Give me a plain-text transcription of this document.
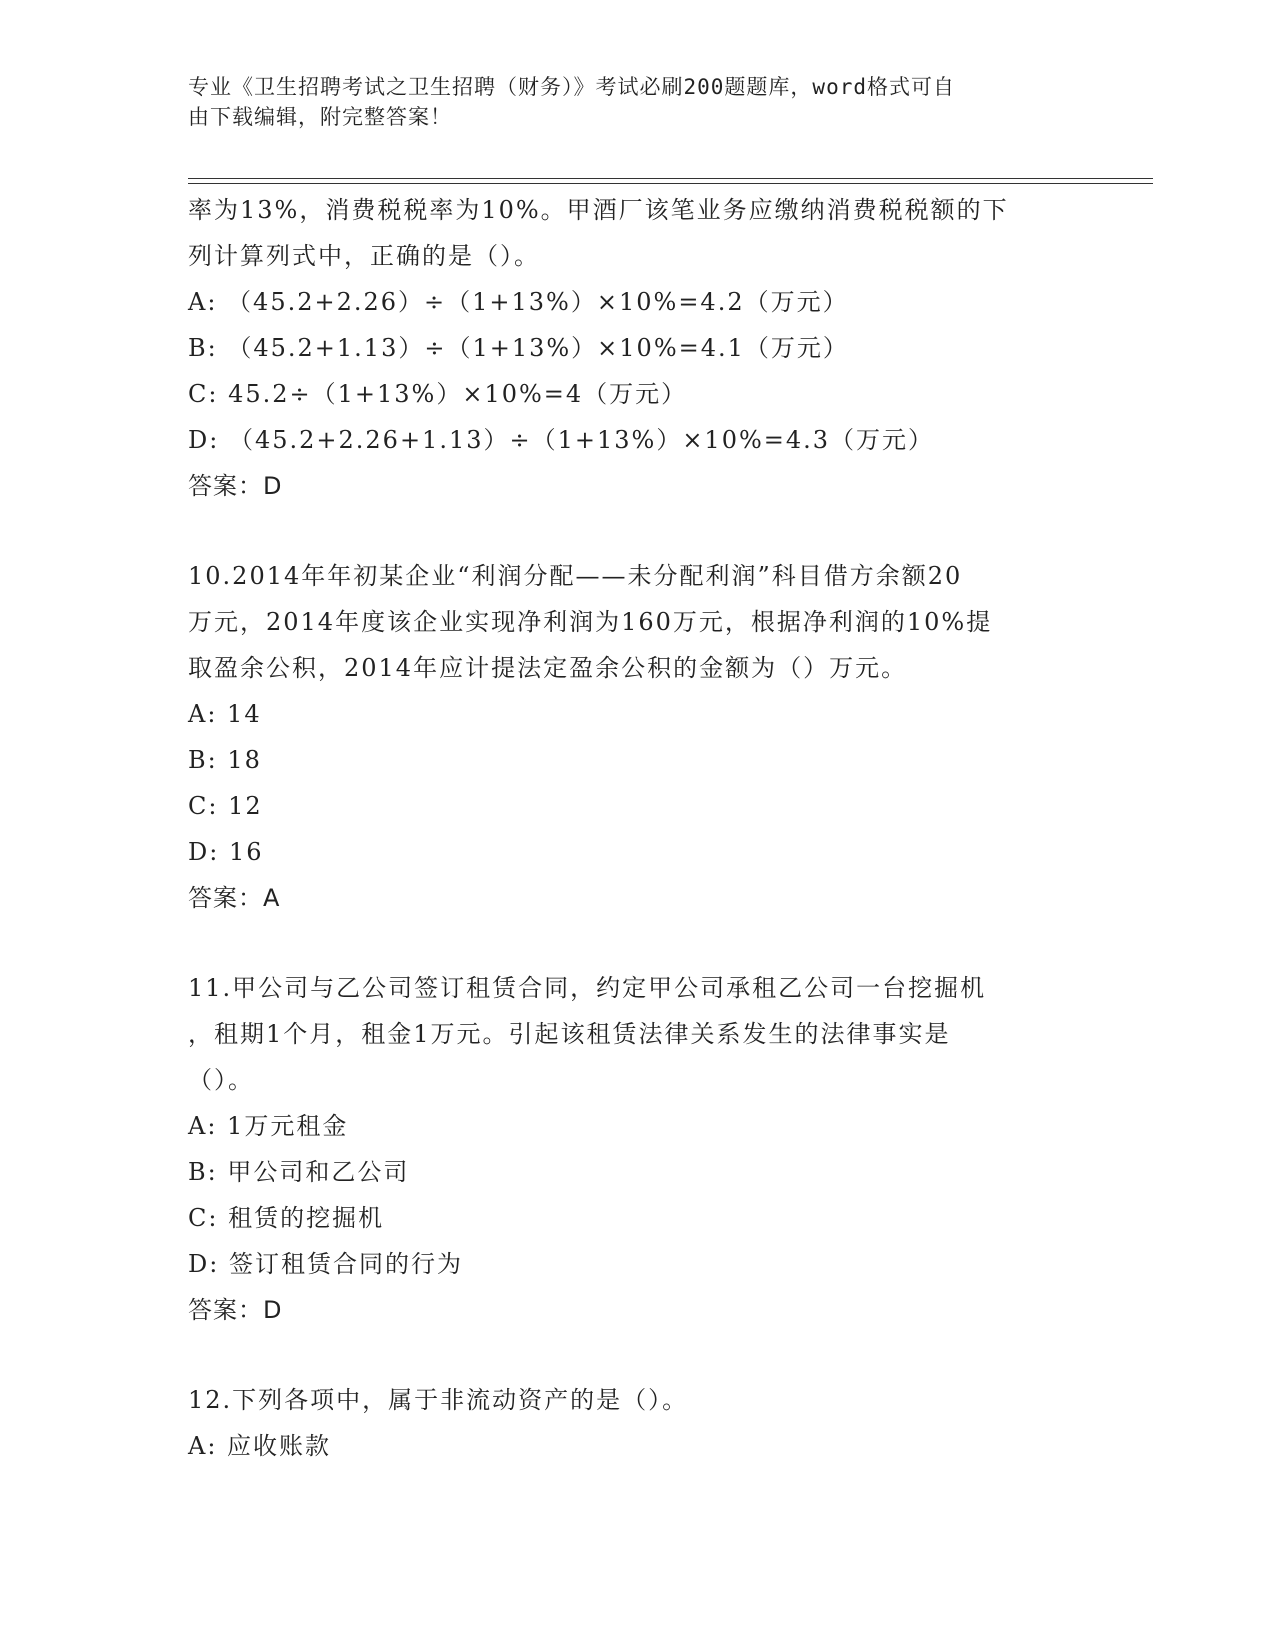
专业《卫生招聘考试之卫生招聘（财务）》考试必刷200题题库，word格式可自
由下载编辑，附完整答案！
率为13%，消费税税率为10%。甲酒厂该笔业务应缴纳消费税税额的下
列计算列式中，正确的是（）。
A: （45.2+2.26）÷（1+13%）×10%=4.2（万元）
B: （45.2+1.13）÷（1+13%）×10%=4.1（万元）
C: 45.2÷（1+13%）×10%=4（万元）
D: （45.2+2.26+1.13）÷（1+13%）×10%=4.3（万元）
答案：D
10.2014年年初某企业“利润分配——未分配利润”科目借方余额20
万元，2014年度该企业实现净利润为160万元，根据净利润的10%提
取盈余公积，2014年应计提法定盈余公积的金额为（）万元。
A: 14
B: 18
C: 12
D: 16
答案：A
11.甲公司与乙公司签订租赁合同，约定甲公司承租乙公司一台挖掘机
，租期1个月，租金1万元。引起该租赁法律关系发生的法律事实是
（）。
A: 1万元租金
B: 甲公司和乙公司
C: 租赁的挖掘机
D: 签订租赁合同的行为
答案：D
12.下列各项中，属于非流动资产的是（）。
A: 应收账款
